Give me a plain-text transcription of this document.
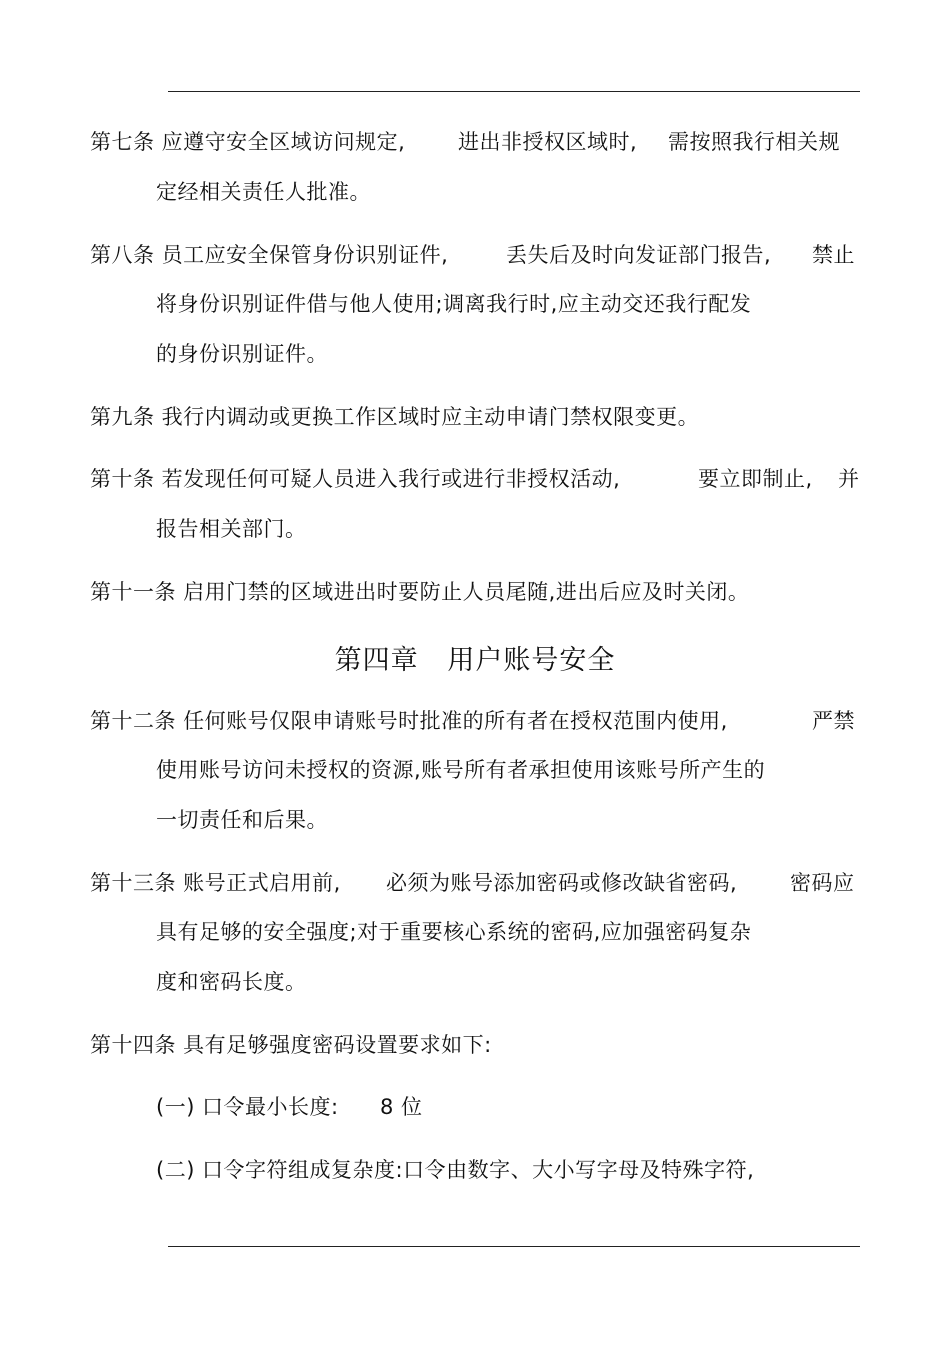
第七条 应遵守安全区域访问规定,	进出非授权区域时, 需按照我行相关规
定经相关责任人批准。
第八条 员工应安全保管身份识别证件,	丢失后及时向发证部门报告, 禁止
将身份识别证件借与他人使用;调离我行时,应主动交还我行配发
的身份识别证件。
第九条 我行内调动或更换工作区域时应主动申请门禁权限变更。
第十条 若发现任何可疑人员进入我行或进行非授权活动,	要立即制止, 并
报告相关部门。
第十一条 启用门禁的区域进出时要防止人员尾随,进出后应及时关闭。
第四章   用户账号安全
第十二条 任何账号仅限申请账号时批准的所有者在授权范围内使用,	严禁
使用账号访问未授权的资源,账号所有者承担使用该账号所产生的
一切责任和后果。
第十三条 账号正式启用前, 必须为账号添加密码或修改缺省密码,	密码应
具有足够的安全强度;对于重要核心系统的密码,应加强密码复杂
度和密码长度。
第十四条 具有足够强度密码设置要求如下:
(一) 口令最小长度: 8 位
(二) 口令字符组成复杂度:口令由数字、大小写字母及特殊字符,
